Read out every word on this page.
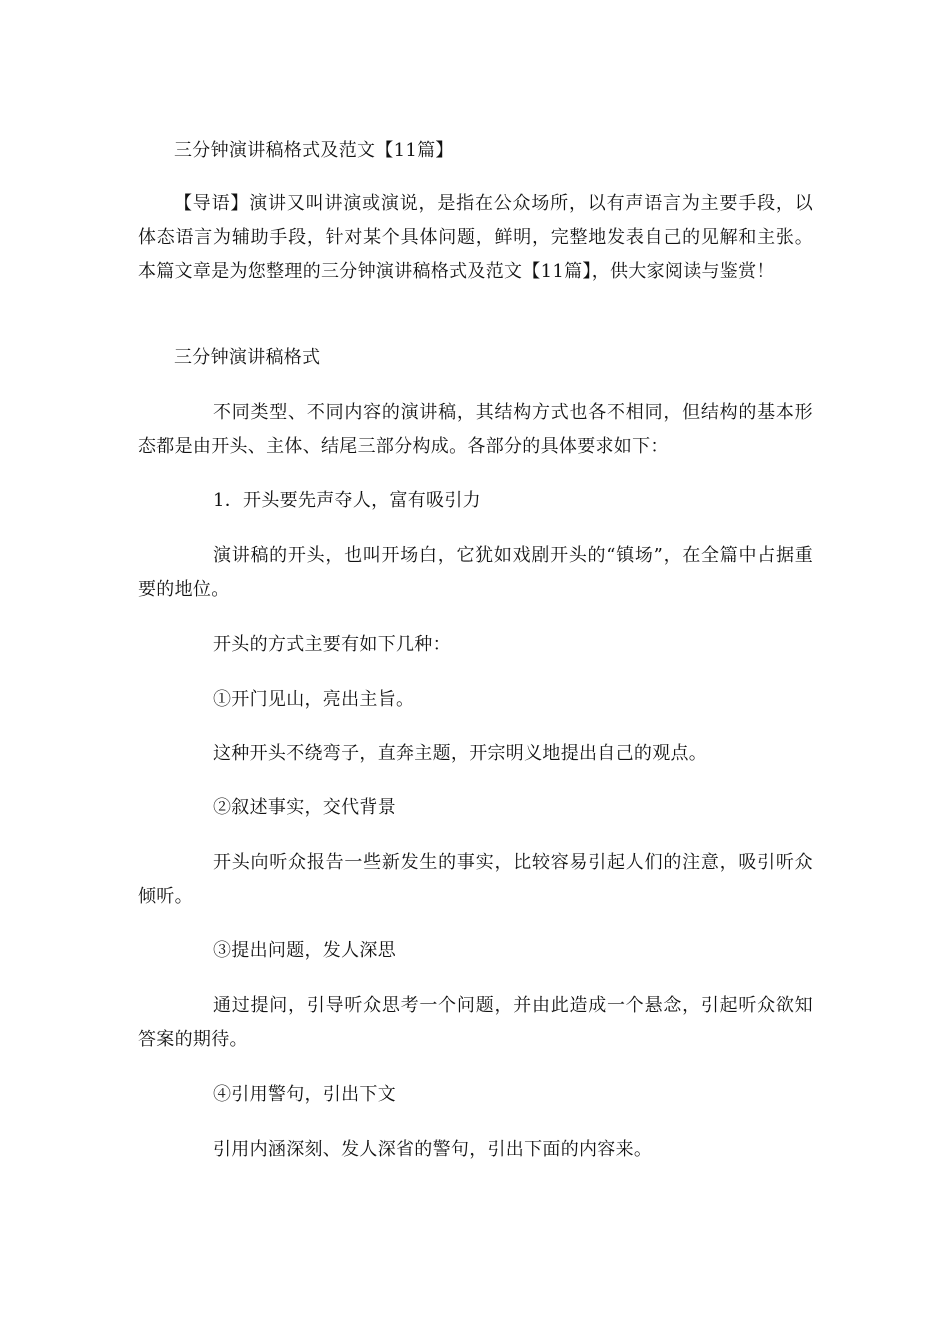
三分钟演讲稿格式及范文【11篇】

【导语】演讲又叫讲演或演说，是指在公众场所，以有声语言为主要手段，以体态语言为辅助手段，针对某个具体问题，鲜明，完整地发表自己的见解和主张。本篇文章是为您整理的三分钟演讲稿格式及范文【11篇】，供大家阅读与鉴赏！

三分钟演讲稿格式

不同类型、不同内容的演讲稿，其结构方式也各不相同，但结构的基本形态都是由开头、主体、结尾三部分构成。各部分的具体要求如下：

1．开头要先声夺人，富有吸引力

演讲稿的开头，也叫开场白，它犹如戏剧开头的“镇场”，在全篇中占据重要的地位。

开头的方式主要有如下几种：

①开门见山，亮出主旨。

这种开头不绕弯子，直奔主题，开宗明义地提出自己的观点。

②叙述事实，交代背景

开头向听众报告一些新发生的事实，比较容易引起人们的注意，吸引听众倾听。

③提出问题，发人深思

通过提问，引导听众思考一个问题，并由此造成一个悬念，引起听众欲知答案的期待。

④引用警句，引出下文

引用内涵深刻、发人深省的警句，引出下面的内容来。
